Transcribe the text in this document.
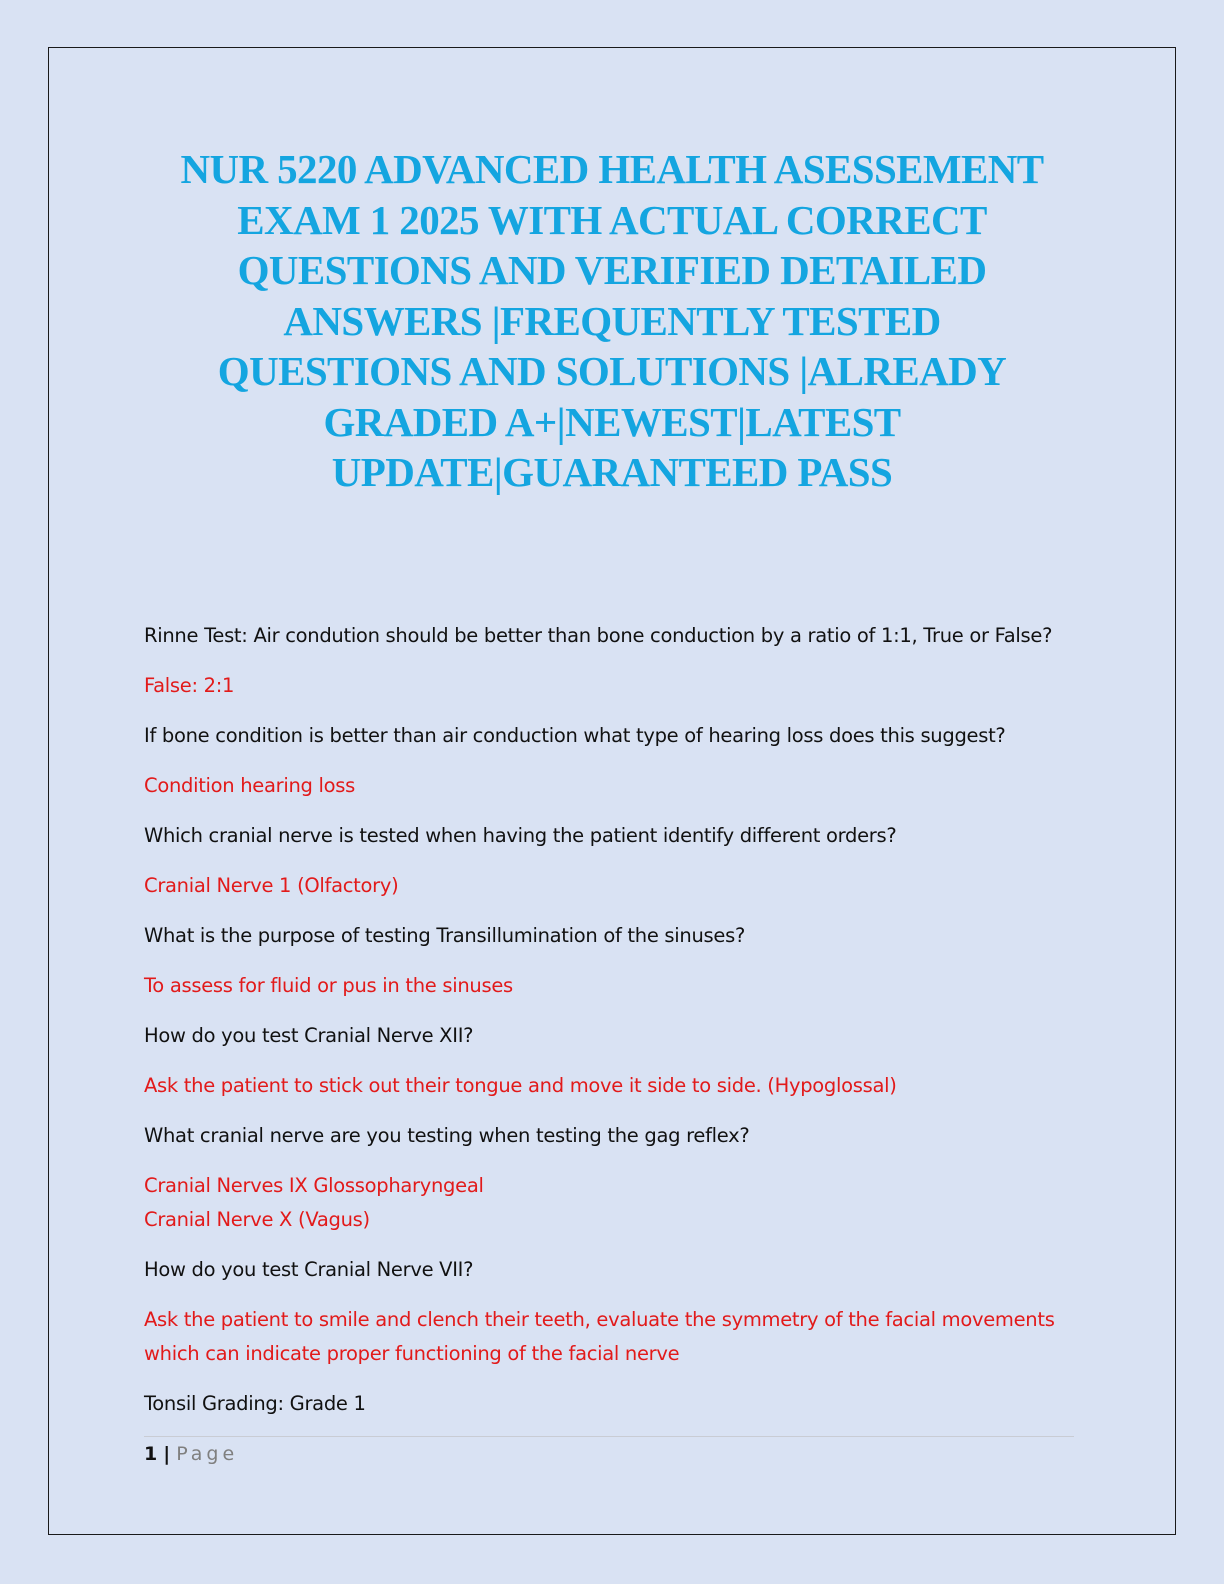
NUR 5220 ADVANCED HEALTH ASESSEMENT
EXAM 1 2025 WITH ACTUAL CORRECT
QUESTIONS AND VERIFIED DETAILED
ANSWERS |FREQUENTLY TESTED
QUESTIONS AND SOLUTIONS |ALREADY
GRADED A+|NEWEST|LATEST
UPDATE|GUARANTEED PASS

Rinne Test: Air condution should be better than bone conduction by a ratio of 1:1, True or False?

False: 2:1

If bone condition is better than air conduction what type of hearing loss does this suggest?

Condition hearing loss

Which cranial nerve is tested when having the patient identify different orders?

Cranial Nerve 1 (Olfactory)

What is the purpose of testing Transillumination of the sinuses?

To assess for fluid or pus in the sinuses

How do you test Cranial Nerve XII?

Ask the patient to stick out their tongue and move it side to side. (Hypoglossal)

What cranial nerve are you testing when testing the gag reflex?

Cranial Nerves IX Glossopharyngeal
Cranial Nerve X (Vagus)

How do you test Cranial Nerve VII?

Ask the patient to smile and clench their teeth, evaluate the symmetry of the facial movements
which can indicate proper functioning of the facial nerve

Tonsil Grading: Grade 1

1 | Page
